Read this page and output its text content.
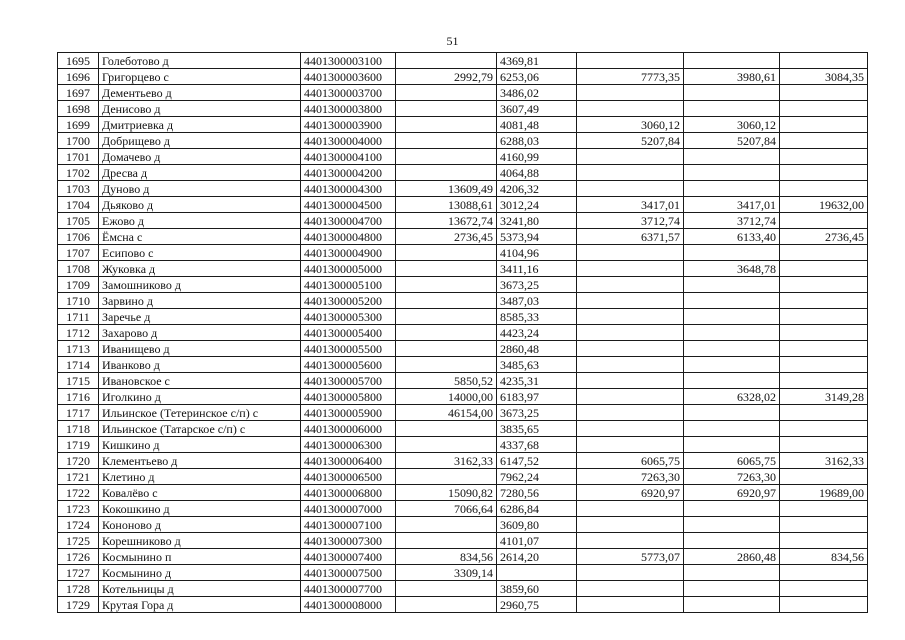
51
1695	Голеботово д	4401300003100		4369,81			
1696	Григорцево с	4401300003600	2992,79	6253,06	7773,35	3980,61	3084,35
1697	Дементьево д	4401300003700		3486,02			
1698	Денисово д	4401300003800		3607,49			
1699	Дмитриевка д	4401300003900		4081,48	3060,12	3060,12	
1700	Добрищево д	4401300004000		6288,03	5207,84	5207,84	
1701	Домачево д	4401300004100		4160,99			
1702	Дресва д	4401300004200		4064,88			
1703	Дуново д	4401300004300	13609,49	4206,32			
1704	Дьяково д	4401300004500	13088,61	3012,24	3417,01	3417,01	19632,00
1705	Ежово д	4401300004700	13672,74	3241,80	3712,74	3712,74	
1706	Ёмсна с	4401300004800	2736,45	5373,94	6371,57	6133,40	2736,45
1707	Есипово с	4401300004900		4104,96			
1708	Жуковка д	4401300005000		3411,16		3648,78	
1709	Замошниково д	4401300005100		3673,25			
1710	Зарвино д	4401300005200		3487,03			
1711	Заречье д	4401300005300		8585,33			
1712	Захарово д	4401300005400		4423,24			
1713	Иванищево д	4401300005500		2860,48			
1714	Иванково д	4401300005600		3485,63			
1715	Ивановское с	4401300005700	5850,52	4235,31			
1716	Иголкино д	4401300005800	14000,00	6183,97		6328,02	3149,28
1717	Ильинское (Тетеринское с/п) с	4401300005900	46154,00	3673,25			
1718	Ильинское (Татарское с/п) с	4401300006000		3835,65			
1719	Кишкино д	4401300006300		4337,68			
1720	Клементьево д	4401300006400	3162,33	6147,52	6065,75	6065,75	3162,33
1721	Клетино д	4401300006500		7962,24	7263,30	7263,30	
1722	Ковалёво с	4401300006800	15090,82	7280,56	6920,97	6920,97	19689,00
1723	Кокошкино д	4401300007000	7066,64	6286,84			
1724	Кононово д	4401300007100		3609,80			
1725	Корешниково д	4401300007300		4101,07			
1726	Космынино п	4401300007400	834,56	2614,20	5773,07	2860,48	834,56
1727	Космынино д	4401300007500	3309,14				
1728	Котельницы д	4401300007700		3859,60			
1729	Крутая Гора д	4401300008000		2960,75			
